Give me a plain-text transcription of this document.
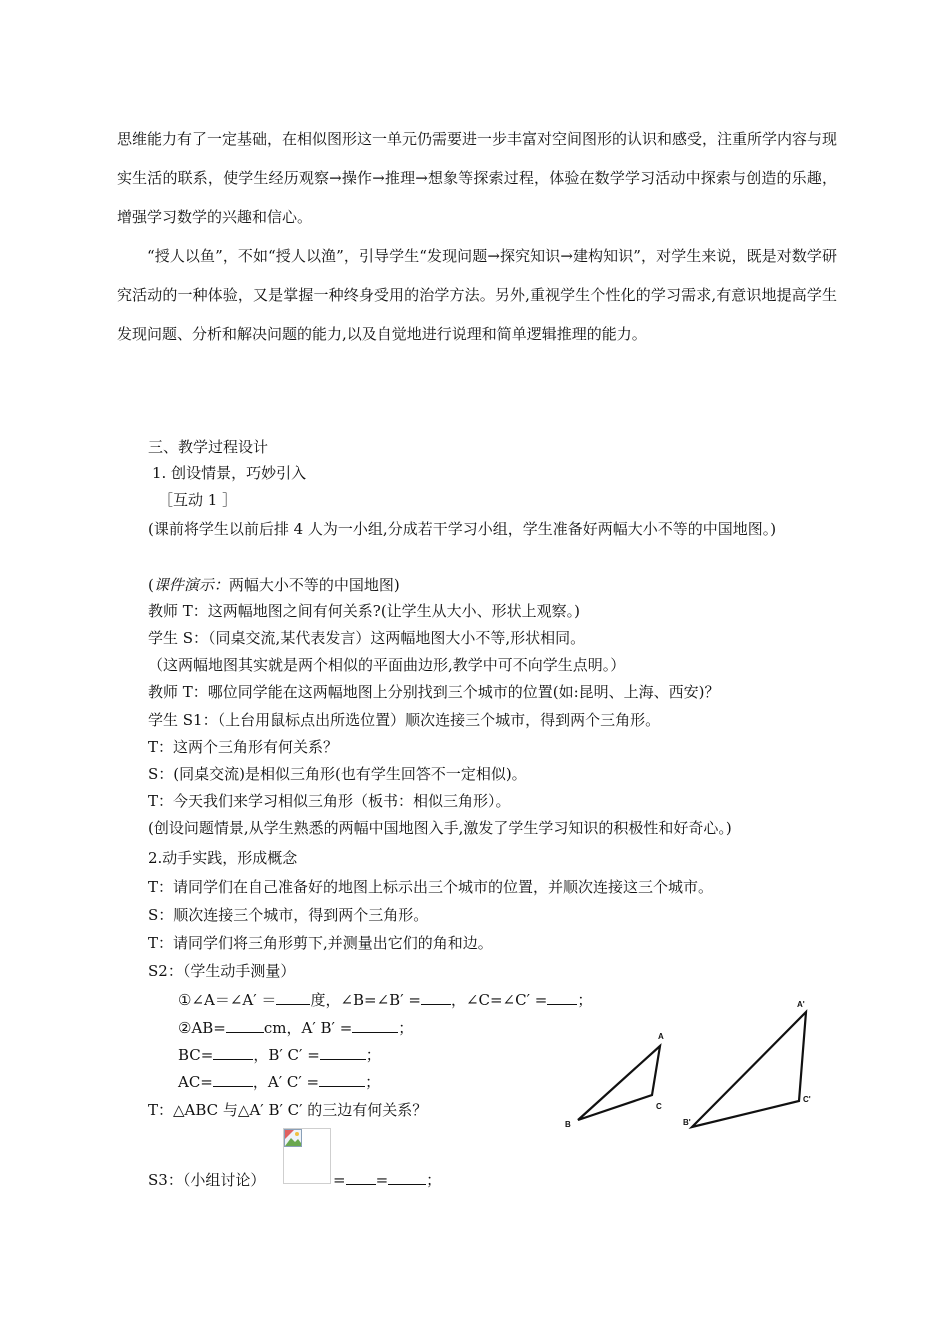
思维能力有了一定基础，在相似图形这一单元仍需要进一步丰富对空间图形的认识和感受，注重所学内容与现实生活的联系，使学生经历观察→操作→推理→想象等探索过程，体验在数学学习活动中探索与创造的乐趣，增强学习数学的兴趣和信心。
“授人以鱼”，不如“授人以渔”，引导学生“发现问题→探究知识→建构知识”，对学生来说，既是对数学研究活动的一种体验，又是掌握一种终身受用的治学方法。另外,重视学生个性化的学习需求,有意识地提高学生发现问题、分析和解决问题的能力,以及自觉地进行说理和简单逻辑推理的能力。
三、教学过程设计
1. 创设情景，巧妙引入
［互动 1 ］
(课前将学生以前后排 4 人为一小组,分成若干学习小组，学生准备好两幅大小不等的中国地图。)
(课件演示：两幅大小不等的中国地图)
教师 T：这两幅地图之间有何关系?(让学生从大小、形状上观察。)
学生 S：（同桌交流,某代表发言）这两幅地图大小不等,形状相同。
（这两幅地图其实就是两个相似的平面曲边形,教学中可不向学生点明。）
教师 T：哪位同学能在这两幅地图上分别找到三个城市的位置(如:昆明、上海、西安)？
学生 S1：（上台用鼠标点出所选位置）顺次连接三个城市，得到两个三角形。
T：这两个三角形有何关系？
S：(同桌交流)是相似三角形(也有学生回答不一定相似)。
T：今天我们来学习相似三角形（板书：相似三角形）。
(创设问题情景,从学生熟悉的两幅中国地图入手,激发了学生学习知识的积极性和好奇心。)
2.动手实践，形成概念
T：请同学们在自己准备好的地图上标示出三个城市的位置，并顺次连接这三个城市。
S：顺次连接三个城市，得到两个三角形。
T：请同学们将三角形剪下,并测量出它们的角和边。
S2：（学生动手测量）
①∠A＝∠A′ ＝ 度，∠B=∠B′ = ，∠C=∠C′ = ；
②AB=	cm，A′ B′ =	；
BC=	，B′ C′ =	；
AC=	，A′ C′ =	；
T：△ABC 与△A′ B′ C′ 的三边有何关系？
S3：（小组讨论）	= =	；
A
B
C
A'
B'
C'
